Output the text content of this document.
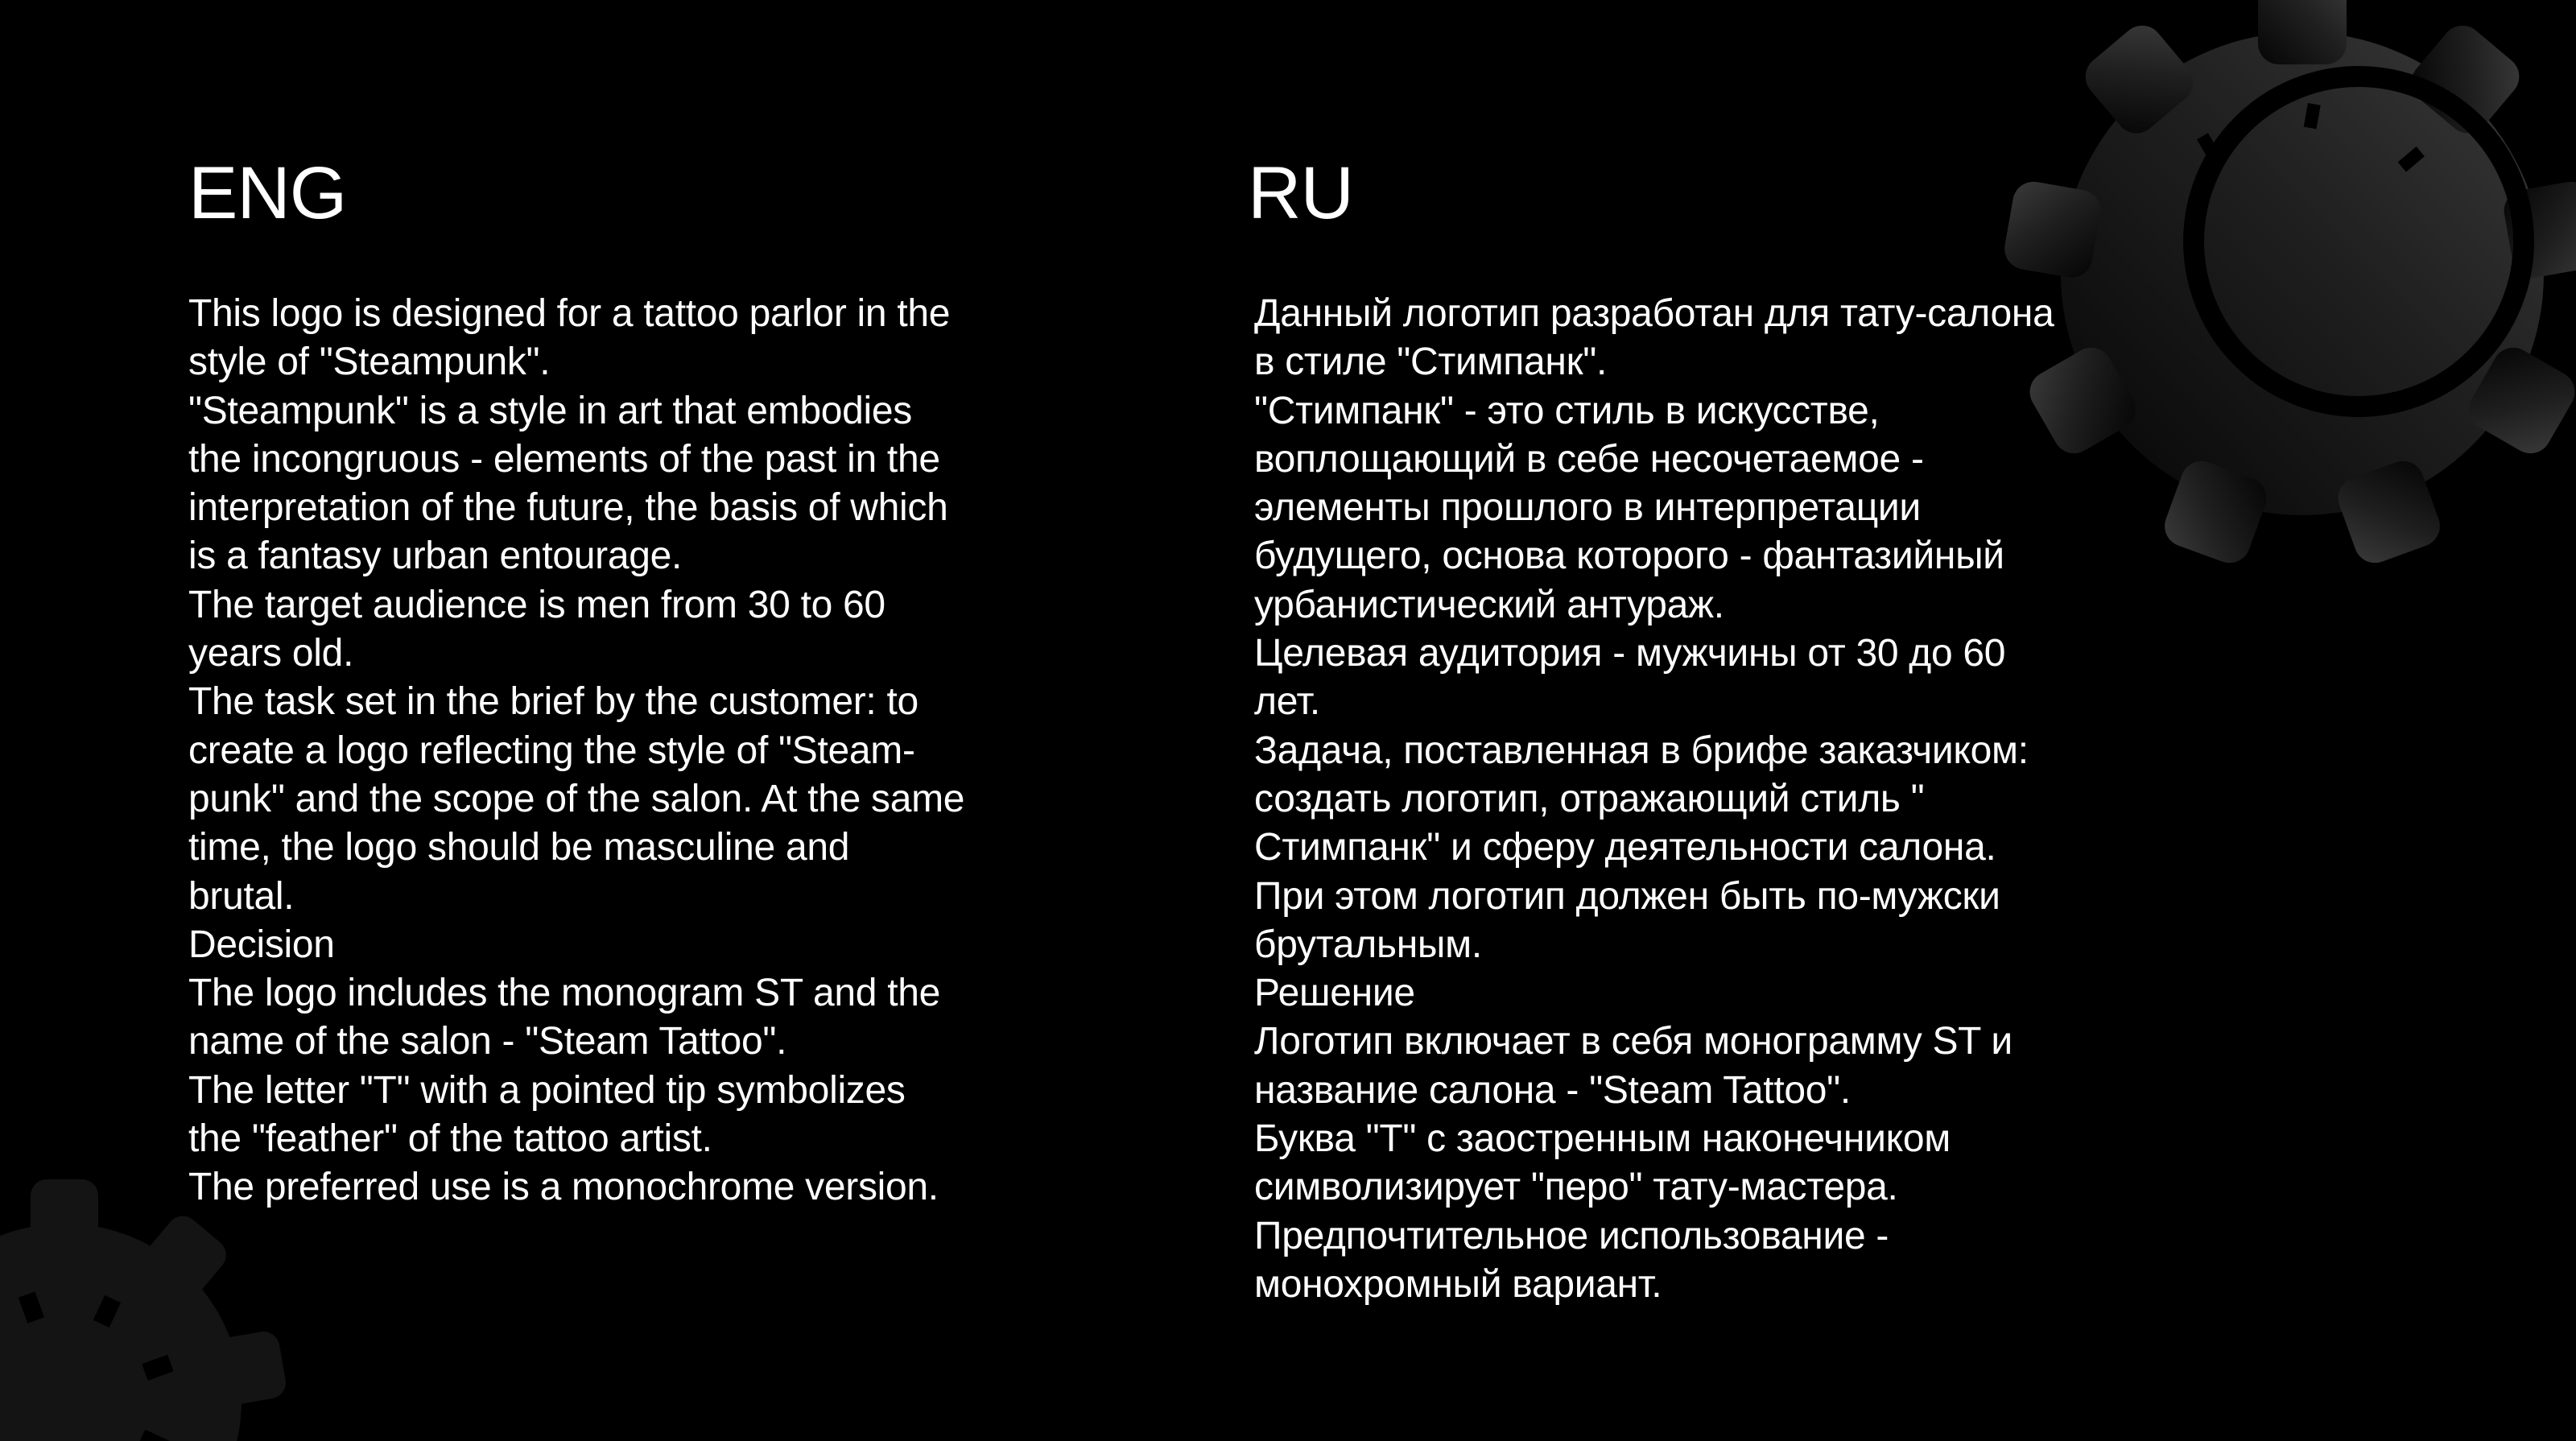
ENG	RU
This logo is designed for a tattoo parlor in the
style of "Steampunk".
"Steampunk" is a style in art that embodies
the incongruous - elements of the past in the
interpretation of the future, the basis of which
is a fantasy urban entourage.
The target audience is men from 30 to 60
years old.
The task set in the brief by the customer: to
create a logo reflecting the style of "Steam-
punk" and the scope of the salon. At the same
time, the logo should be masculine and
brutal.
Decision
The logo includes the monogram ST and the
name of the salon - "Steam Tattoo".
The letter "T" with a pointed tip symbolizes
the "feather" of the tattoo artist.
The preferred use is a monochrome version.
Данный логотип разработан для тату-салона
в стиле "Стимпанк".
"Стимпанк" - это стиль в искусстве,
воплощающий в себе несочетаемое -
элементы прошлого в интерпретации
будущего, основа которого - фантазийный
урбанистический антураж.
Целевая аудитория - мужчины от 30 до 60
лет.
Задача, поставленная в брифе заказчиком:
создать логотип, отражающий стиль "
Стимпанк" и сферу деятельности салона.
При этом логотип должен быть по-мужски
брутальным.
Решение
Логотип включает в себя монограмму ST и
название салона - "Steam Tattoo".
Буква "Т" с заостренным наконечником
символизирует "перо" тату-мастера.
Предпочтительное использование -
монохромный вариант.
